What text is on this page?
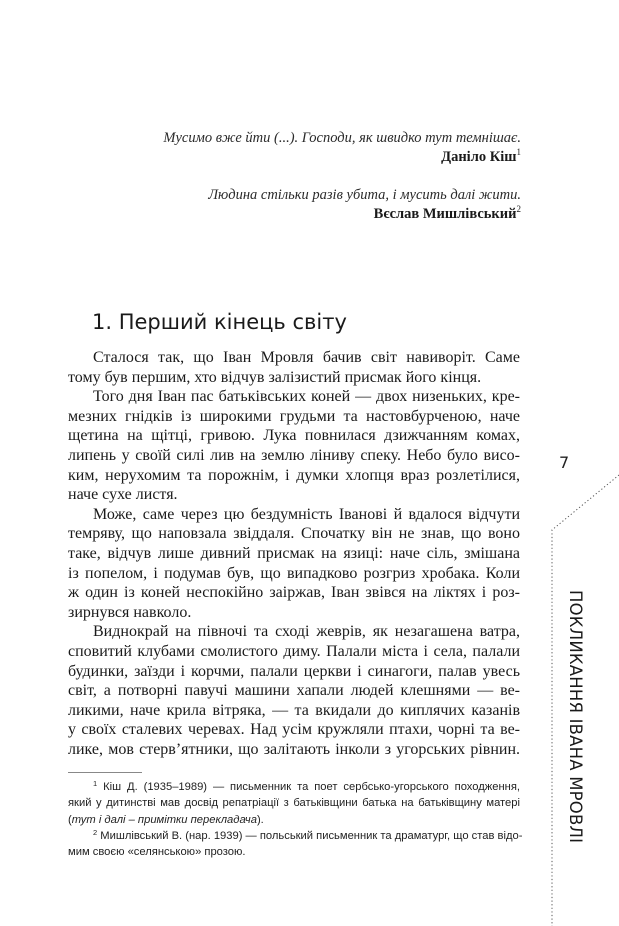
Мусимо вже йти (...). Господи, як швидко тут темнішає.
Даніло Кіш$^1$
Людина стільки разів убита, і мусить далі жити.
Вєслав Мишлівський$^2$
1. Перший кінець світу
Сталося так, що Іван Мровля бачив світ навиворіт. Саме
тому був першим, хто відчув залізистий присмак його кінця.
Того дня Іван пас батьківських коней — двох низеньких, кре-
мезних гнідків із широкими грудьми та настовбурченою, наче
щетина на щітці, гривою. Лука повнилася дзижчанням комах,
липень у своїй силі лив на землю ліниву спеку. Небо було висо-
ким, нерухомим та порожнім, і думки хлопця враз розлетілися,
наче сухе листя.
Може, саме через цю бездумність Іванові й вдалося відчути
темряву, що наповзала звіддаля. Спочатку він не знав, що воно
таке, відчув лише дивний присмак на язиці: наче сіль, змішана
із попелом, і подумав був, що випадково розгриз хробака. Коли
ж один із коней неспокійно заіржав, Іван звівся на ліктях і роз-
зирнувся навколо.
Виднокрай на півночі та сході жеврів, як незагашена ватра,
сповитий клубами смолистого диму. Палали міста і села, палали
будинки, заїзди і корчми, палали церкви і синагоги, палав увесь
світ, а потворні павучі машини хапали людей клешнями — ве-
ликими, наче крила вітряка, — та вкидали до киплячих казанів
у своїх сталевих черевах. Над усім кружляли птахи, чорні та ве-
лике, мов стерв’ятники, що залітають інколи з угорських рівнин.
$^1$ Кіш Д. (1935–1989) — письменник та поет сербсько-угорського походження,
який у дитинстві мав досвід репатріації з батьківщини батька на батьківщину матері
(тут і далі – примітки перекладача).
$^2$ Мишлівський В. (нар. 1939) — польський письменник та драматург, що став відо-
мим своєю «селянською» прозою.
7
ПОКЛИКАННЯ ІВАНА МРОВЛІ
